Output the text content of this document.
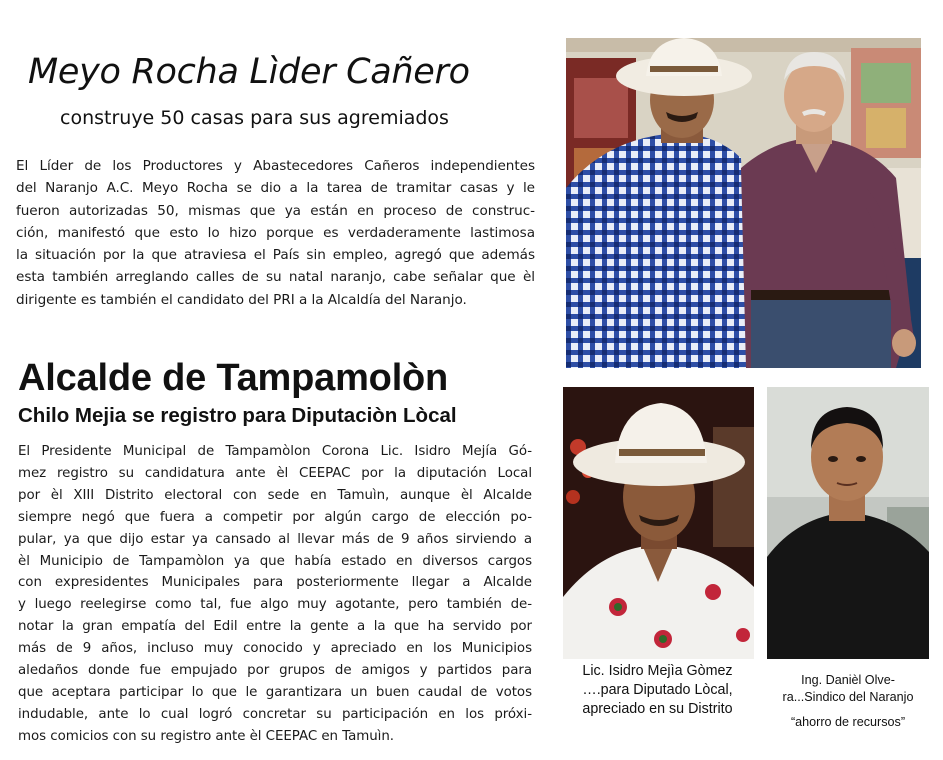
Meyo Rocha Lìder Cañero
construye 50 casas para sus agremiados
El Líder de los Productores y Abastecedores Cañeros independientes
del Naranjo A.C. Meyo Rocha se dio a la tarea de tramitar casas y le
fueron autorizadas 50, mismas que ya están en proceso de construc-
ción, manifestó que esto lo hizo porque es verdaderamente lastimosa
la situación por la que atraviesa el País sin empleo, agregó que además
esta también arreglando calles de su natal naranjo, cabe señalar que èl
dirigente es también el candidato del PRI a la Alcaldía del Naranjo.
Alcalde de Tampamolòn
Chilo Mejia se registro para Diputaciòn Lòcal
El Presidente Municipal de Tampamòlon Corona Lic. Isidro Mejía Gó-
mez registro su candidatura ante èl CEEPAC por la diputación Local
por èl XIII Distrito electoral con sede en Tamuìn, aunque èl Alcalde
siempre negó que fuera a competir por algún cargo de elección po-
pular, ya que dijo estar ya cansado al llevar más de 9 años sirviendo a
èl Municipio de Tampamòlon ya que había estado en diversos cargos
con expresidentes Municipales para posteriormente llegar a Alcalde
y luego reelegirse como tal, fue algo muy agotante, pero también de-
notar la gran empatía del Edil entre la gente a la que ha servido por
más de 9 años, incluso muy conocido y apreciado en los Municipios
aledaños donde fue empujado por grupos de amigos y partidos para
que aceptara participar lo que le garantizara un buen caudal de votos
indudable, ante lo cual logró concretar su participación en los próxi-
mos comicios con su registro ante èl CEEPAC en Tamuìn.
Lic. Isidro Mejìa Gòmez
….para Diputado Lòcal,
apreciado en su Distrito
Ing. Danièl Olve-
ra...Sindico del Naranjo
“ahorro de recursos”
